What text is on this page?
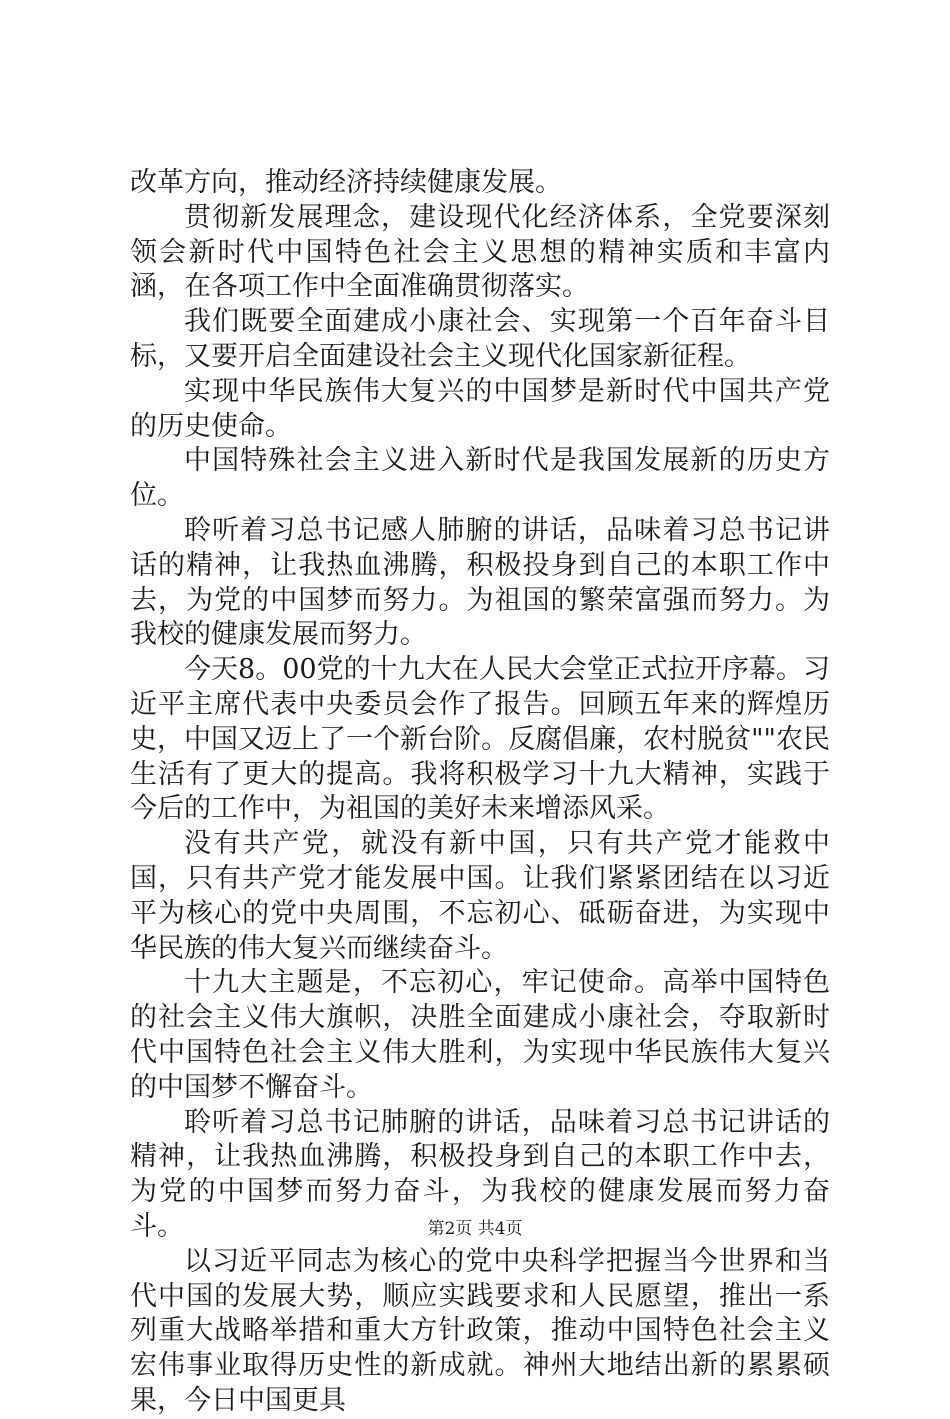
改革方向，推动经济持续健康发展。

贯彻新发展理念，建设现代化经济体系，全党要深刻领会新时代中国特色社会主义思想的精神实质和丰富内涵，在各项工作中全面准确贯彻落实。

我们既要全面建成小康社会、实现第一个百年奋斗目标，又要开启全面建设社会主义现代化国家新征程。

实现中华民族伟大复兴的中国梦是新时代中国共产党的历史使命。

中国特殊社会主义进入新时代是我国发展新的历史方位。

聆听着习总书记感人肺腑的讲话，品味着习总书记讲话的精神，让我热血沸腾，积极投身到自己的本职工作中去，为党的中国梦而努力。为祖国的繁荣富强而努力。为我校的健康发展而努力。

今天8。00党的十九大在人民大会堂正式拉开序幕。习近平主席代表中央委员会作了报告。回顾五年来的辉煌历史，中国又迈上了一个新台阶。反腐倡廉，农村脱贫""农民生活有了更大的提高。我将积极学习十九大精神，实践于今后的工作中，为祖国的美好未来增添风采。

没有共产党，就没有新中国，只有共产党才能救中国，只有共产党才能发展中国。让我们紧紧团结在以习近平为核心的党中央周围，不忘初心、砥砺奋进，为实现中华民族的伟大复兴而继续奋斗。

十九大主题是，不忘初心，牢记使命。高举中国特色的社会主义伟大旗帜，决胜全面建成小康社会，夺取新时代中国特色社会主义伟大胜利，为实现中华民族伟大复兴的中国梦不懈奋斗。

聆听着习总书记肺腑的讲话，品味着习总书记讲话的精神，让我热血沸腾，积极投身到自己的本职工作中去，为党的中国梦而努力奋斗，为我校的健康发展而努力奋斗。

以习近平同志为核心的党中央科学把握当今世界和当代中国的发展大势，顺应实践要求和人民愿望，推出一系列重大战略举措和重大方针政策，推动中国特色社会主义宏伟事业取得历史性的新成就。神州大地结出新的累累硕果，今日中国更具

第2页 共4页
